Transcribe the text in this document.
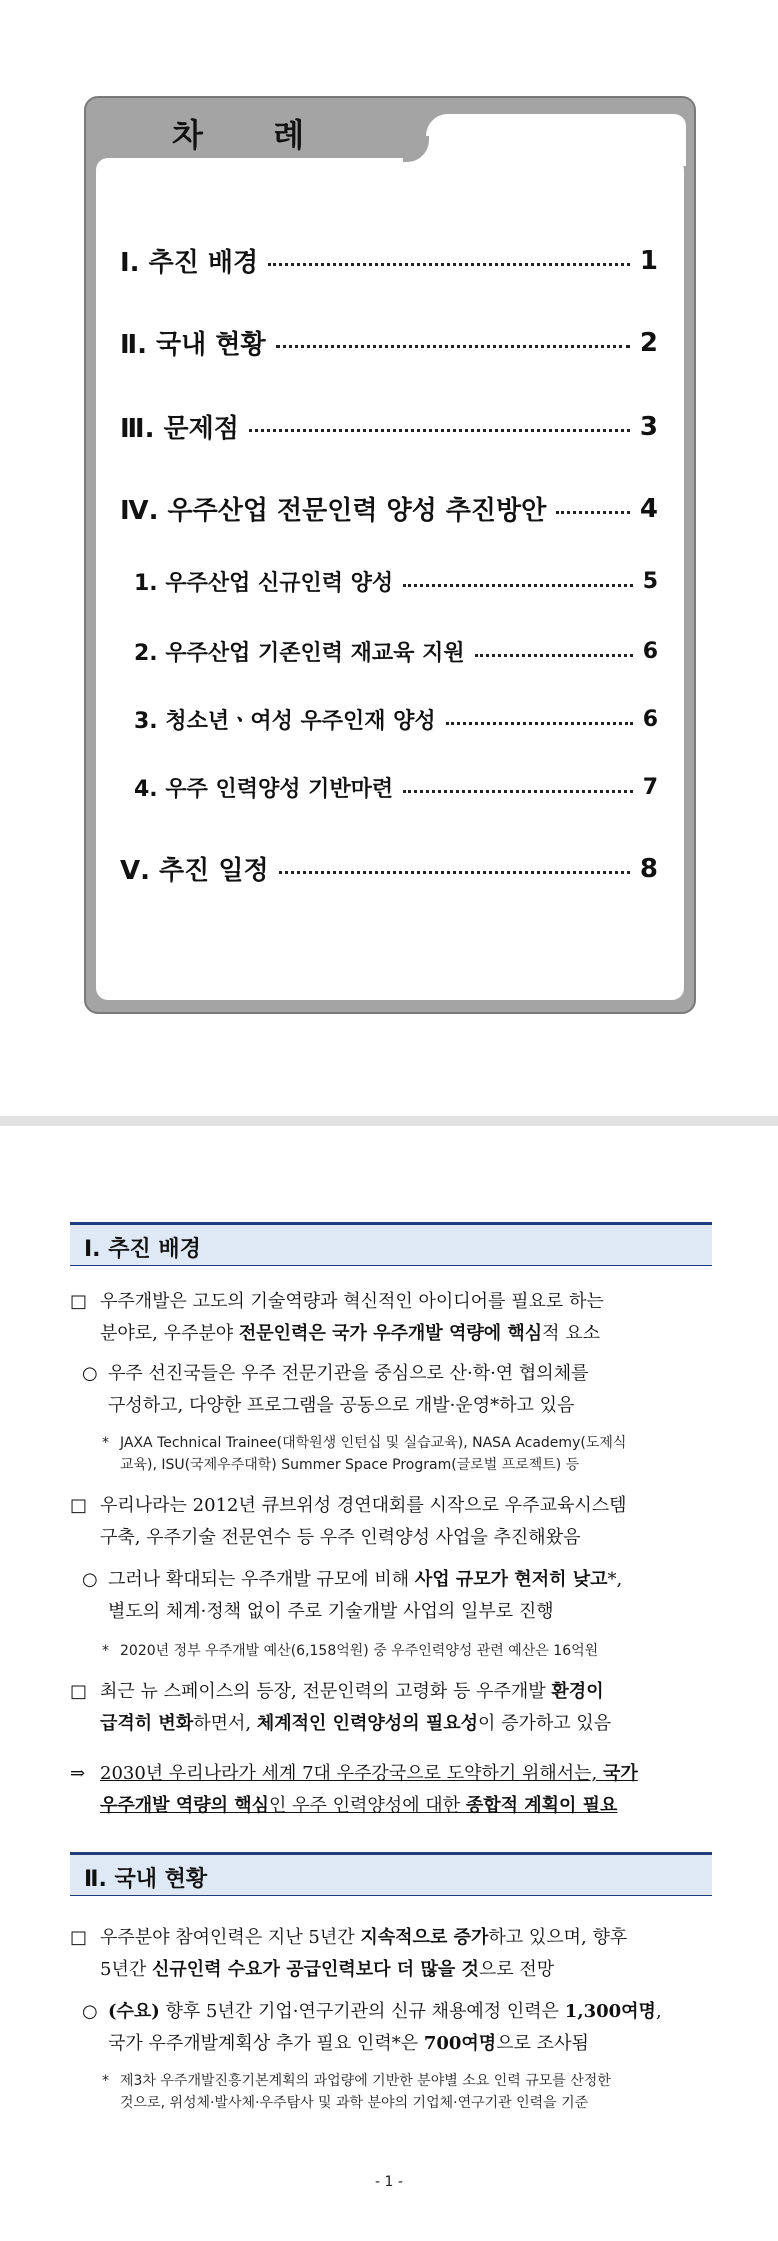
차 례
Ⅰ. 추진 배경	1
Ⅱ. 국내 현황	2
Ⅲ. 문제점	3
Ⅳ. 우주산업 전문인력 양성 추진방안	4
1. 우주산업 신규인력 양성	5
2. 우주산업 기존인력 재교육 지원	6
3. 청소년ㆍ여성 우주인재 양성	6
4. 우주 인력양성 기반마련	7
Ⅴ. 추진 일정	8
Ⅰ. 추진 배경
□ 우주개발은 고도의 기술역량과 혁신적인 아이디어를 필요로 하는
분야로, 우주분야 전문인력은 국가 우주개발 역량에 핵심적 요소
○ 우주 선진국들은 우주 전문기관을 중심으로 산·학·연 협의체를
구성하고, 다양한 프로그램을 공동으로 개발·운영*하고 있음
* JAXA Technical Trainee(대학원생 인턴십 및 실습교육), NASA Academy(도제식
교육), ISU(국제우주대학) Summer Space Program(글로벌 프로젝트) 등
□ 우리나라는 2012년 큐브위성 경연대회를 시작으로 우주교육시스템
구축, 우주기술 전문연수 등 우주 인력양성 사업을 추진해왔음
○ 그러나 확대되는 우주개발 규모에 비해 사업 규모가 현저히 낮고*,
별도의 체계·정책 없이 주로 기술개발 사업의 일부로 진행
* 2020년 정부 우주개발 예산(6,158억원) 중 우주인력양성 관련 예산은 16억원
□ 최근 뉴 스페이스의 등장, 전문인력의 고령화 등 우주개발 환경이
급격히 변화하면서, 체계적인 인력양성의 필요성이 증가하고 있음
⇒ 2030년 우리나라가 세계 7대 우주강국으로 도약하기 위해서는, 국가
우주개발 역량의 핵심인 우주 인력양성에 대한 종합적 계획이 필요
Ⅱ. 국내 현황
□ 우주분야 참여인력은 지난 5년간 지속적으로 증가하고 있으며, 향후
5년간 신규인력 수요가 공급인력보다 더 많을 것으로 전망
○ (수요) 향후 5년간 기업·연구기관의 신규 채용예정 인력은 1,300여명,
국가 우주개발계획상 추가 필요 인력*은 700여명으로 조사됨
* 제3차 우주개발진흥기본계획의 과업량에 기반한 분야별 소요 인력 규모를 산정한
것으로, 위성체·발사체·우주탐사 및 과학 분야의 기업체·연구기관 인력을 기준
- 1 -
